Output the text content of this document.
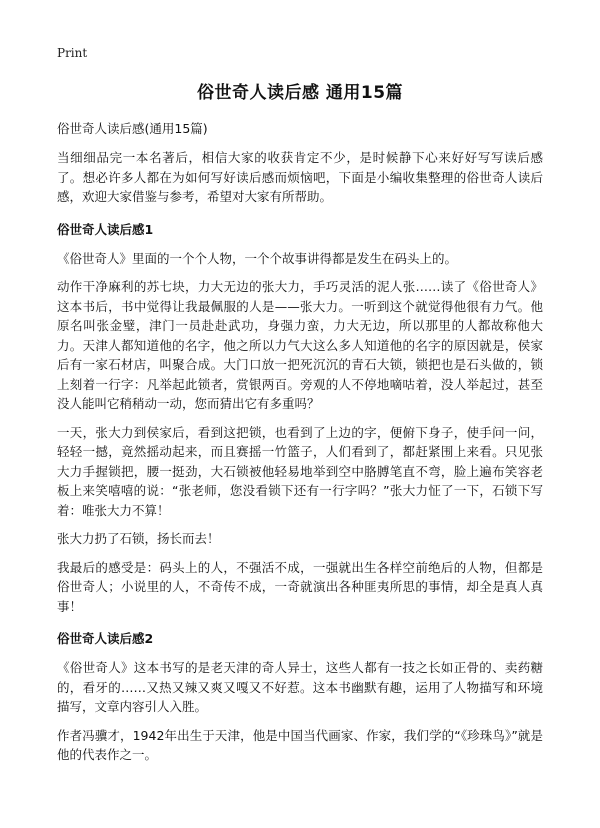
Print
俗世奇人读后感 通用15篇
俗世奇人读后感(通用15篇)

当细细品完一本名著后，相信大家的收获肯定不少，是时候静下心来好好写写读后感了。想必许多人都在为如何写好读后感而烦恼吧，下面是小编收集整理的俗世奇人读后感，欢迎大家借鉴与参考，希望对大家有所帮助。

俗世奇人读后感1

《俗世奇人》里面的一个个人物，一个个故事讲得都是发生在码头上的。

动作干净麻利的苏七块，力大无边的张大力，手巧灵活的泥人张……读了《俗世奇人》这本书后，书中觉得让我最佩服的人是——张大力。一听到这个就觉得他很有力气。他原名叫张金璧，津门一员赴赴武功，身强力蛮，力大无边，所以那里的人都故称他大力。天津人都知道他的名字，他之所以力气大这么多人知道他的名字的原因就是，侯家后有一家石材店，叫聚合成。大门口放一把死沉沉的青石大锁，锁把也是石头做的，锁上刻着一行字：凡举起此锁者，赏银两百。旁观的人不停地嘀咕着，没人举起过，甚至没人能叫它稍稍动一动，您而猜出它有多重吗？

一天，张大力到侯家后，看到这把锁，也看到了上边的字，便俯下身子，使手问一问，轻轻一撼，竟然摇动起来，而且赛摇一竹篮子，人们看到了，都赶紧围上来看。只见张大力手握锁把，腰一挺劲，大石锁被他轻易地举到空中胳膊笔直不弯，脸上遍布笑容老板上来笑嘻嘻的说：“张老师，您没看锁下还有一行字吗？”张大力怔了一下，石锁下写着：唯张大力不算！

张大力扔了石锁，扬长而去！

我最后的感受是：码头上的人，不强活不成，一强就出生各样空前绝后的人物，但都是俗世奇人；小说里的人，不奇传不成，一奇就演出各种匪夷所思的事情，却全是真人真事！

俗世奇人读后感2

《俗世奇人》这本书写的是老天津的奇人异士，这些人都有一技之长如正骨的、卖药糖的，看牙的……又热又辣又爽又嘎又不好惹。这本书幽默有趣，运用了人物描写和环境描写，文章内容引人入胜。

作者冯骥才，1942年出生于天津，他是中国当代画家、作家，我们学的“《珍珠鸟》”就是他的代表作之一。
